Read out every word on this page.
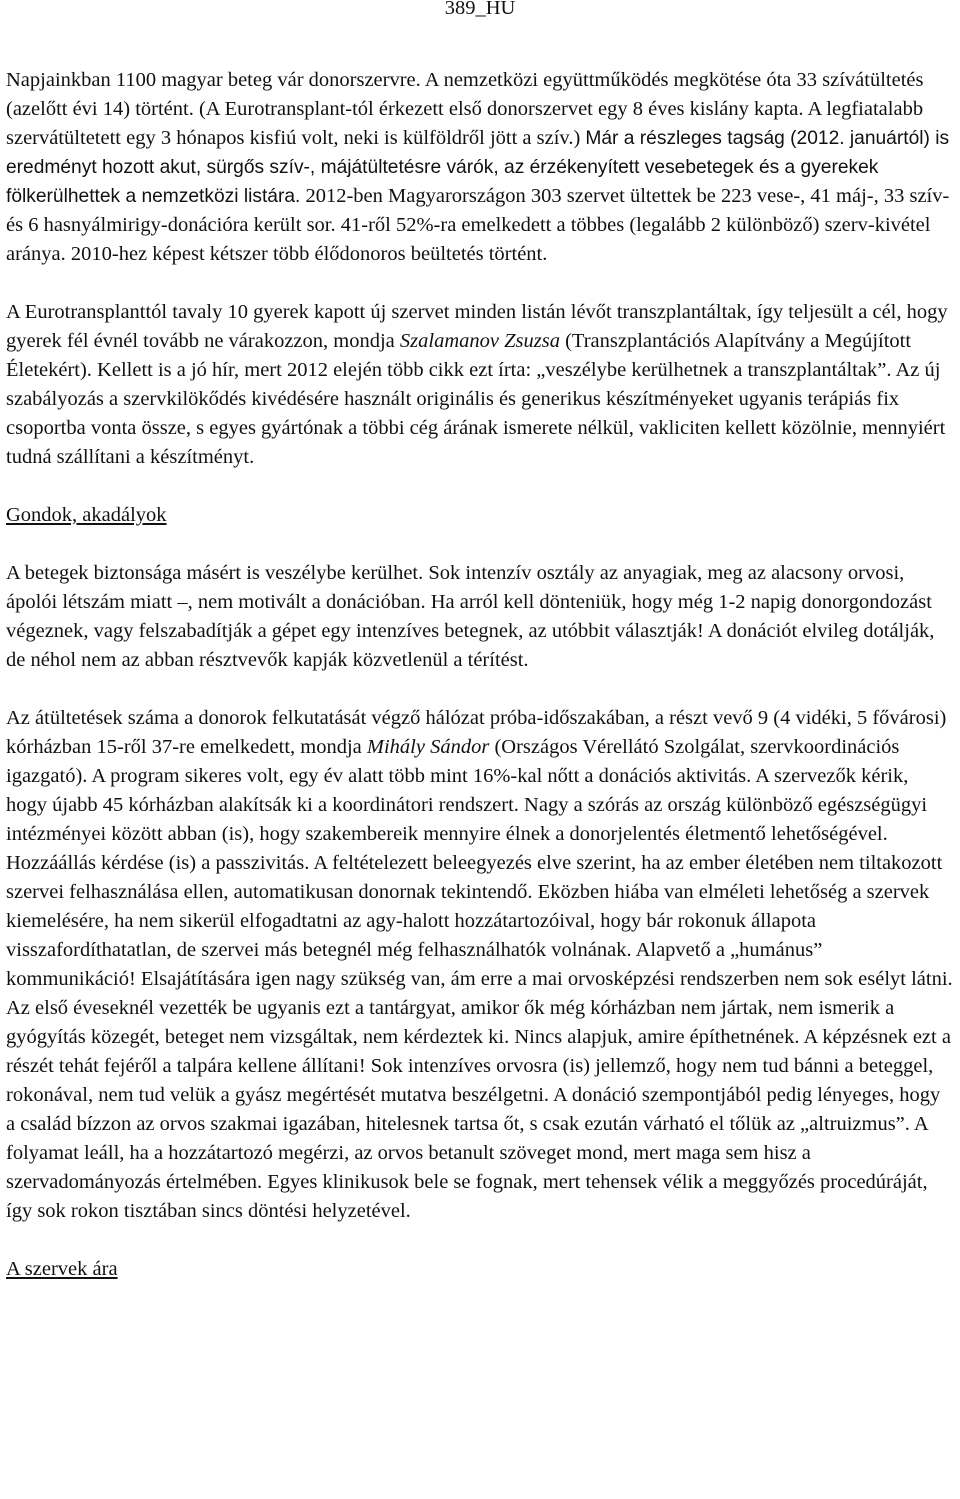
389_HU

Napjainkban 1100 magyar beteg vár donorszervre. A nemzetközi együttműködés megkötése óta 33 szívátültetés (azelőtt évi 14) történt. (A Eurotransplant-tól érkezett első donorszervet egy 8 éves kislány kapta. A legfiatalabb szervátültetett egy 3 hónapos kisfiú volt, neki is külföldről jött a szív.) Már a részleges tagság (2012. januártól) is eredményt hozott akut, sürgős szív-, májátültetésre várók, az érzékenyített vesebetegek és a gyerekek fölkerülhettek a nemzetközi listára. 2012-ben Magyarországon 303 szervet ültettek be 223 vese-, 41 máj-, 33 szív- és 6 hasnyálmirigy-donációra került sor. 41-ről 52%-ra emelkedett a többes (legalább 2 különböző) szerv-kivétel aránya. 2010-hez képest kétszer több élődonoros beültetés történt.

A Eurotransplanttól tavaly 10 gyerek kapott új szervet minden listán lévőt transzplantáltak, így teljesült a cél, hogy gyerek fél évnél tovább ne várakozzon, mondja Szalamanov Zsuzsa (Transzplantációs Alapítvány a Megújított Életekért). Kellett is a jó hír, mert 2012 elején több cikk ezt írta: „veszélybe kerülhetnek a transzplantáltak”. Az új szabályozás a szervkilökődés kivédésére használt originális és generikus készítményeket ugyanis terápiás fix csoportba vonta össze, s egyes gyártónak a többi cég árának ismerete nélkül, vakliciten kellett közölnie, mennyiért tudná szállítani a készítményt.

Gondok, akadályok

A betegek biztonsága másért is veszélybe kerülhet. Sok intenzív osztály az anyagiak, meg az alacsony orvosi, ápolói létszám miatt –, nem motivált a donációban. Ha arról kell dönteniük, hogy még 1-2 napig donorgondozást végeznek, vagy felszabadítják a gépet egy intenzíves betegnek, az utóbbit választják! A donációt elvileg dotálják, de néhol nem az abban résztvevők kapják közvetlenül a térítést.

Az átültetések száma a donorok felkutatását végző hálózat próba-időszakában, a részt vevő 9 (4 vidéki, 5 fővárosi) kórházban 15-ről 37-re emelkedett, mondja Mihály Sándor (Országos Vérellátó Szolgálat, szervkoordinációs igazgató). A program sikeres volt, egy év alatt több mint 16%-kal nőtt a donációs aktivitás. A szervezők kérik, hogy újabb 45 kórházban alakítsák ki a koordinátori rendszert. Nagy a szórás az ország különböző egészségügyi intézményei között abban (is), hogy szakembereik mennyire élnek a donorjelentés életmentő lehetőségével. Hozzáállás kérdése (is) a passzivitás. A feltételezett beleegyezés elve szerint, ha az ember életében nem tiltakozott szervei felhasználása ellen, automatikusan donornak tekintendő. Eközben hiába van elméleti lehetőség a szervek kiemelésére, ha nem sikerül elfogadtatni az agy-halott hozzátartozóival, hogy bár rokonuk állapota visszafordíthatatlan, de szervei más betegnél még felhasználhatók volnának. Alapvető a „humánus” kommunikáció! Elsajátítására igen nagy szükség van, ám erre a mai orvosképzési rendszerben nem sok esélyt látni. Az első éveseknél vezették be ugyanis ezt a tantárgyat, amikor ők még kórházban nem jártak, nem ismerik a gyógyítás közegét, beteget nem vizsgáltak, nem kérdeztek ki. Nincs alapjuk, amire építhetnének. A képzésnek ezt a részét tehát fejéről a talpára kellene állítani! Sok intenzíves orvosra (is) jellemző, hogy nem tud bánni a beteggel, rokonával, nem tud velük a gyász megértését mutatva beszélgetni. A donáció szempontjából pedig lényeges, hogy a család bízzon az orvos szakmai igazában, hitelesnek tartsa őt, s csak ezután várható el tőlük az „altruizmus”. A folyamat leáll, ha a hozzátartozó megérzi, az orvos betanult szöveget mond, mert maga sem hisz a szervadományozás értelmében. Egyes klinikusok bele se fognak, mert tehensek vélik a meggyőzés procedúráját, így sok rokon tisztában sincs döntési helyzetével.

A szervek ára
